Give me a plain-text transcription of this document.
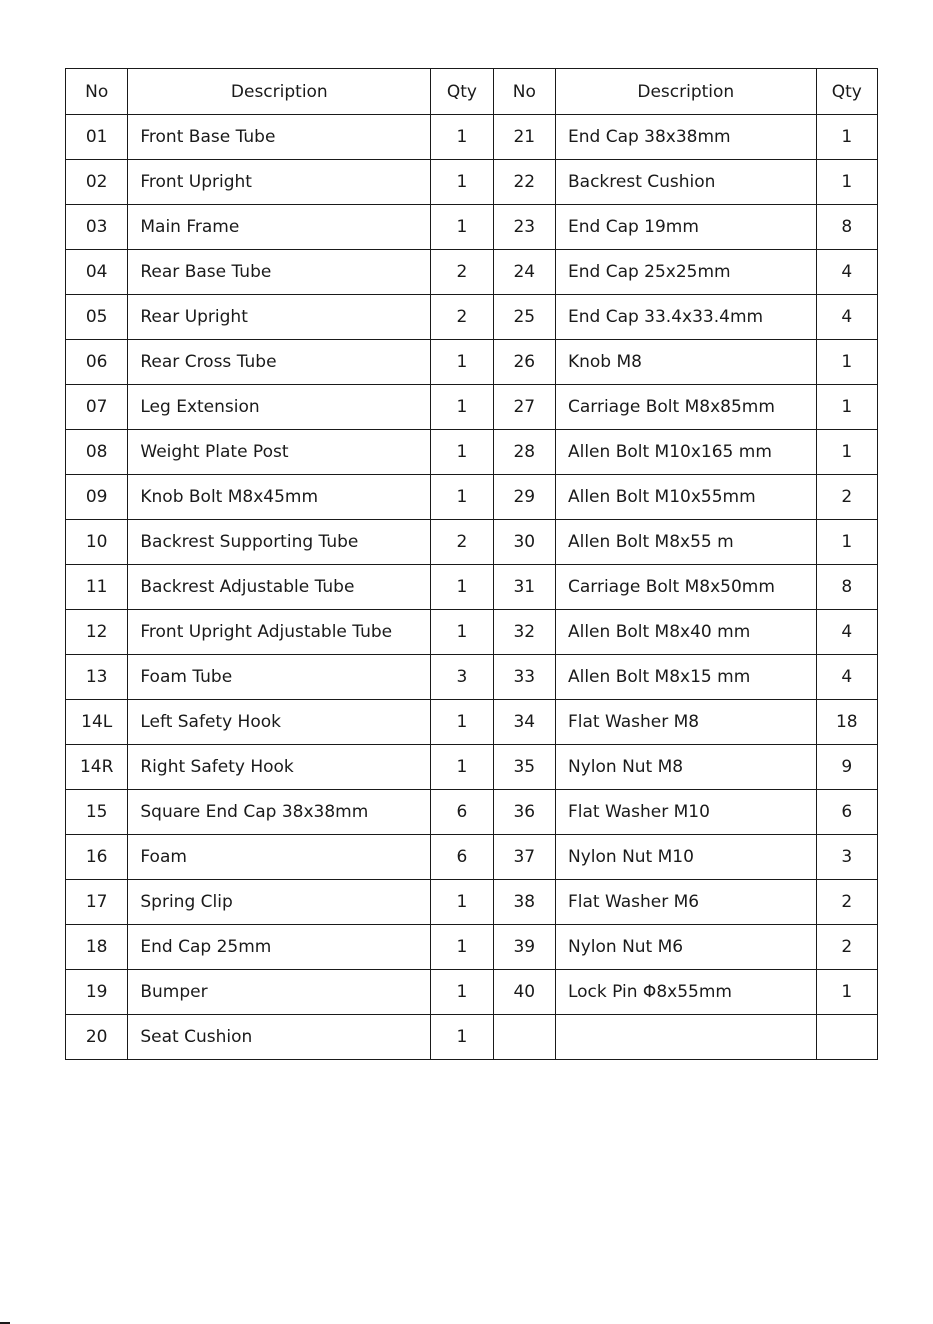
No	Description	Qty	No	Description	Qty
01	Front Base Tube	1	21	End Cap 38x38mm	1
02	Front Upright	1	22	Backrest Cushion	1
03	Main Frame	1	23	End Cap 19mm	8
04	Rear Base Tube	2	24	End Cap 25x25mm	4
05	Rear Upright	2	25	End Cap 33.4x33.4mm	4
06	Rear Cross Tube	1	26	Knob M8	1
07	Leg Extension	1	27	Carriage Bolt M8x85mm	1
08	Weight Plate Post	1	28	Allen Bolt M10x165 mm	1
09	Knob Bolt M8x45mm	1	29	Allen Bolt M10x55mm	2
10	Backrest Supporting Tube	2	30	Allen Bolt M8x55 m	1
11	Backrest Adjustable Tube	1	31	Carriage Bolt M8x50mm	8
12	Front Upright Adjustable Tube	1	32	Allen Bolt M8x40 mm	4
13	Foam Tube	3	33	Allen Bolt M8x15 mm	4
14L	Left Safety Hook	1	34	Flat Washer M8	18
14R	Right Safety Hook	1	35	Nylon Nut M8	9
15	Square End Cap 38x38mm	6	36	Flat Washer M10	6
16	Foam	6	37	Nylon Nut M10	3
17	Spring Clip	1	38	Flat Washer M6	2
18	End Cap 25mm	1	39	Nylon Nut M6	2
19	Bumper	1	40	Lock Pin Φ8x55mm	1
20	Seat Cushion	1			
